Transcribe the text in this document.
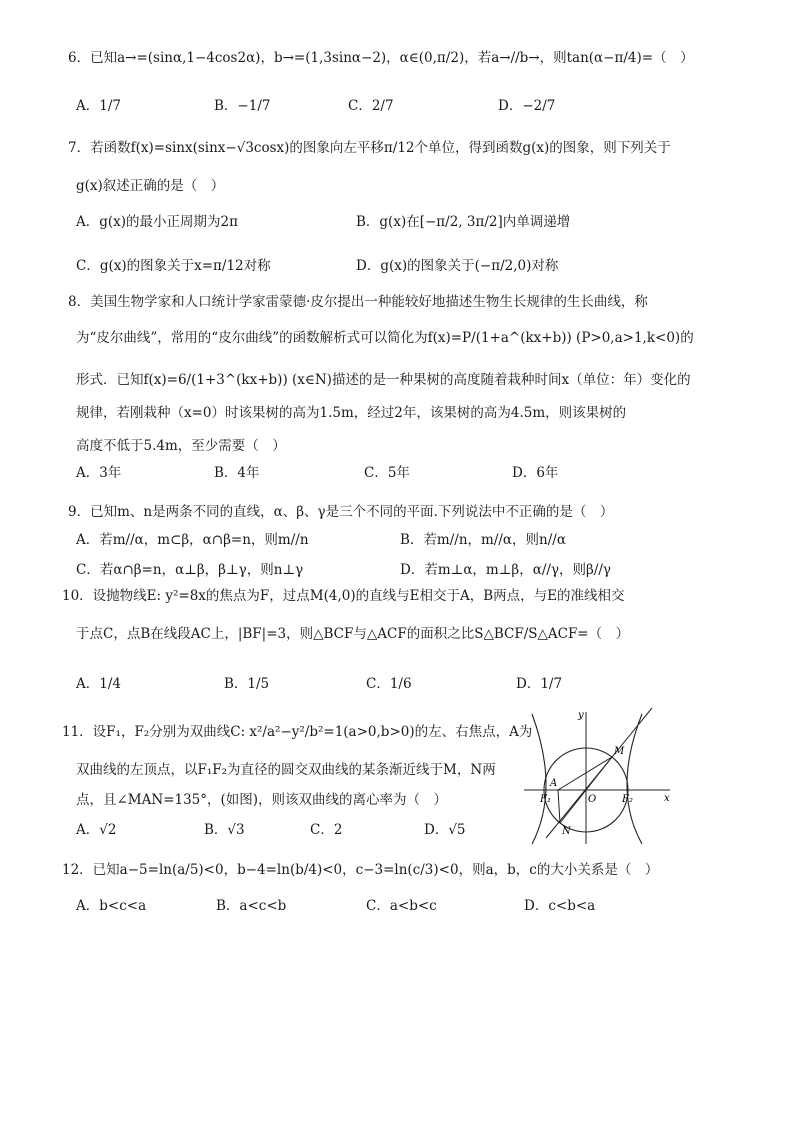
6．已知a→=(sinα,1−4cos2α)，b→=(1,3sinα−2)，α∈(0,π/2)，若a→//b→，则tan(α−π/4)=（　）
A．1/7	B．−1/7	C．2/7	D．−2/7
7．若函数f(x)=sinx(sinx−√3cosx)的图象向左平移π/12个单位，得到函数g(x)的图象，则下列关于
g(x)叙述正确的是（　）
A．g(x)的最小正周期为2π	B．g(x)在[−π/2, 3π/2]内单调递增
C．g(x)的图象关于x=π/12对称	D．g(x)的图象关于(−π/2,0)对称
8．美国生物学家和人口统计学家雷蒙德·皮尔提出一种能较好地描述生物生长规律的生长曲线，称
为“皮尔曲线”，常用的“皮尔曲线”的函数解析式可以简化为f(x)=P/(1+a^(kx+b)) (P>0,a>1,k<0)的
形式．已知f(x)=6/(1+3^(kx+b)) (x∈N)描述的是一种果树的高度随着栽种时间x（单位：年）变化的
规律，若刚栽种（x=0）时该果树的高为1.5m，经过2年，该果树的高为4.5m，则该果树的
高度不低于5.4m，至少需要（　）
A．3年	B．4年	C．5年	D．6年
9．已知m、n是两条不同的直线，α、β、γ是三个不同的平面.下列说法中不正确的是（　）
A．若m//α，m⊂β，α∩β=n，则m//n	B．若m//n，m//α，则n//α
C．若α∩β=n，α⊥β，β⊥γ，则n⊥γ	D．若m⊥α，m⊥β，α//γ，则β//γ
10．设抛物线E: y²=8x的焦点为F，过点M(4,0)的直线与E相交于A，B两点，与E的准线相交
于点C，点B在线段AC上，|BF|=3，则△BCF与△ACF的面积之比S△BCF/S△ACF=（　）
A．1/4	B．1/5	C．1/6	D．1/7
11．设F₁，F₂分别为双曲线C: x²/a²−y²/b²=1(a>0,b>0)的左、右焦点，A为
双曲线的左顶点，以F₁F₂为直径的圆交双曲线的某条渐近线于M，N两
点，且∠MAN=135°，(如图)，则该双曲线的离心率为（　）
A．√2	B．√3	C．2	D．√5
x
y
M
N
A
O
F₁	F₂
12．已知a−5=ln(a/5)<0，b−4=ln(b/4)<0，c−3=ln(c/3)<0，则a，b，c的大小关系是（　）
A．b<c<a	B．a<c<b	C．a<b<c	D．c<b<a
